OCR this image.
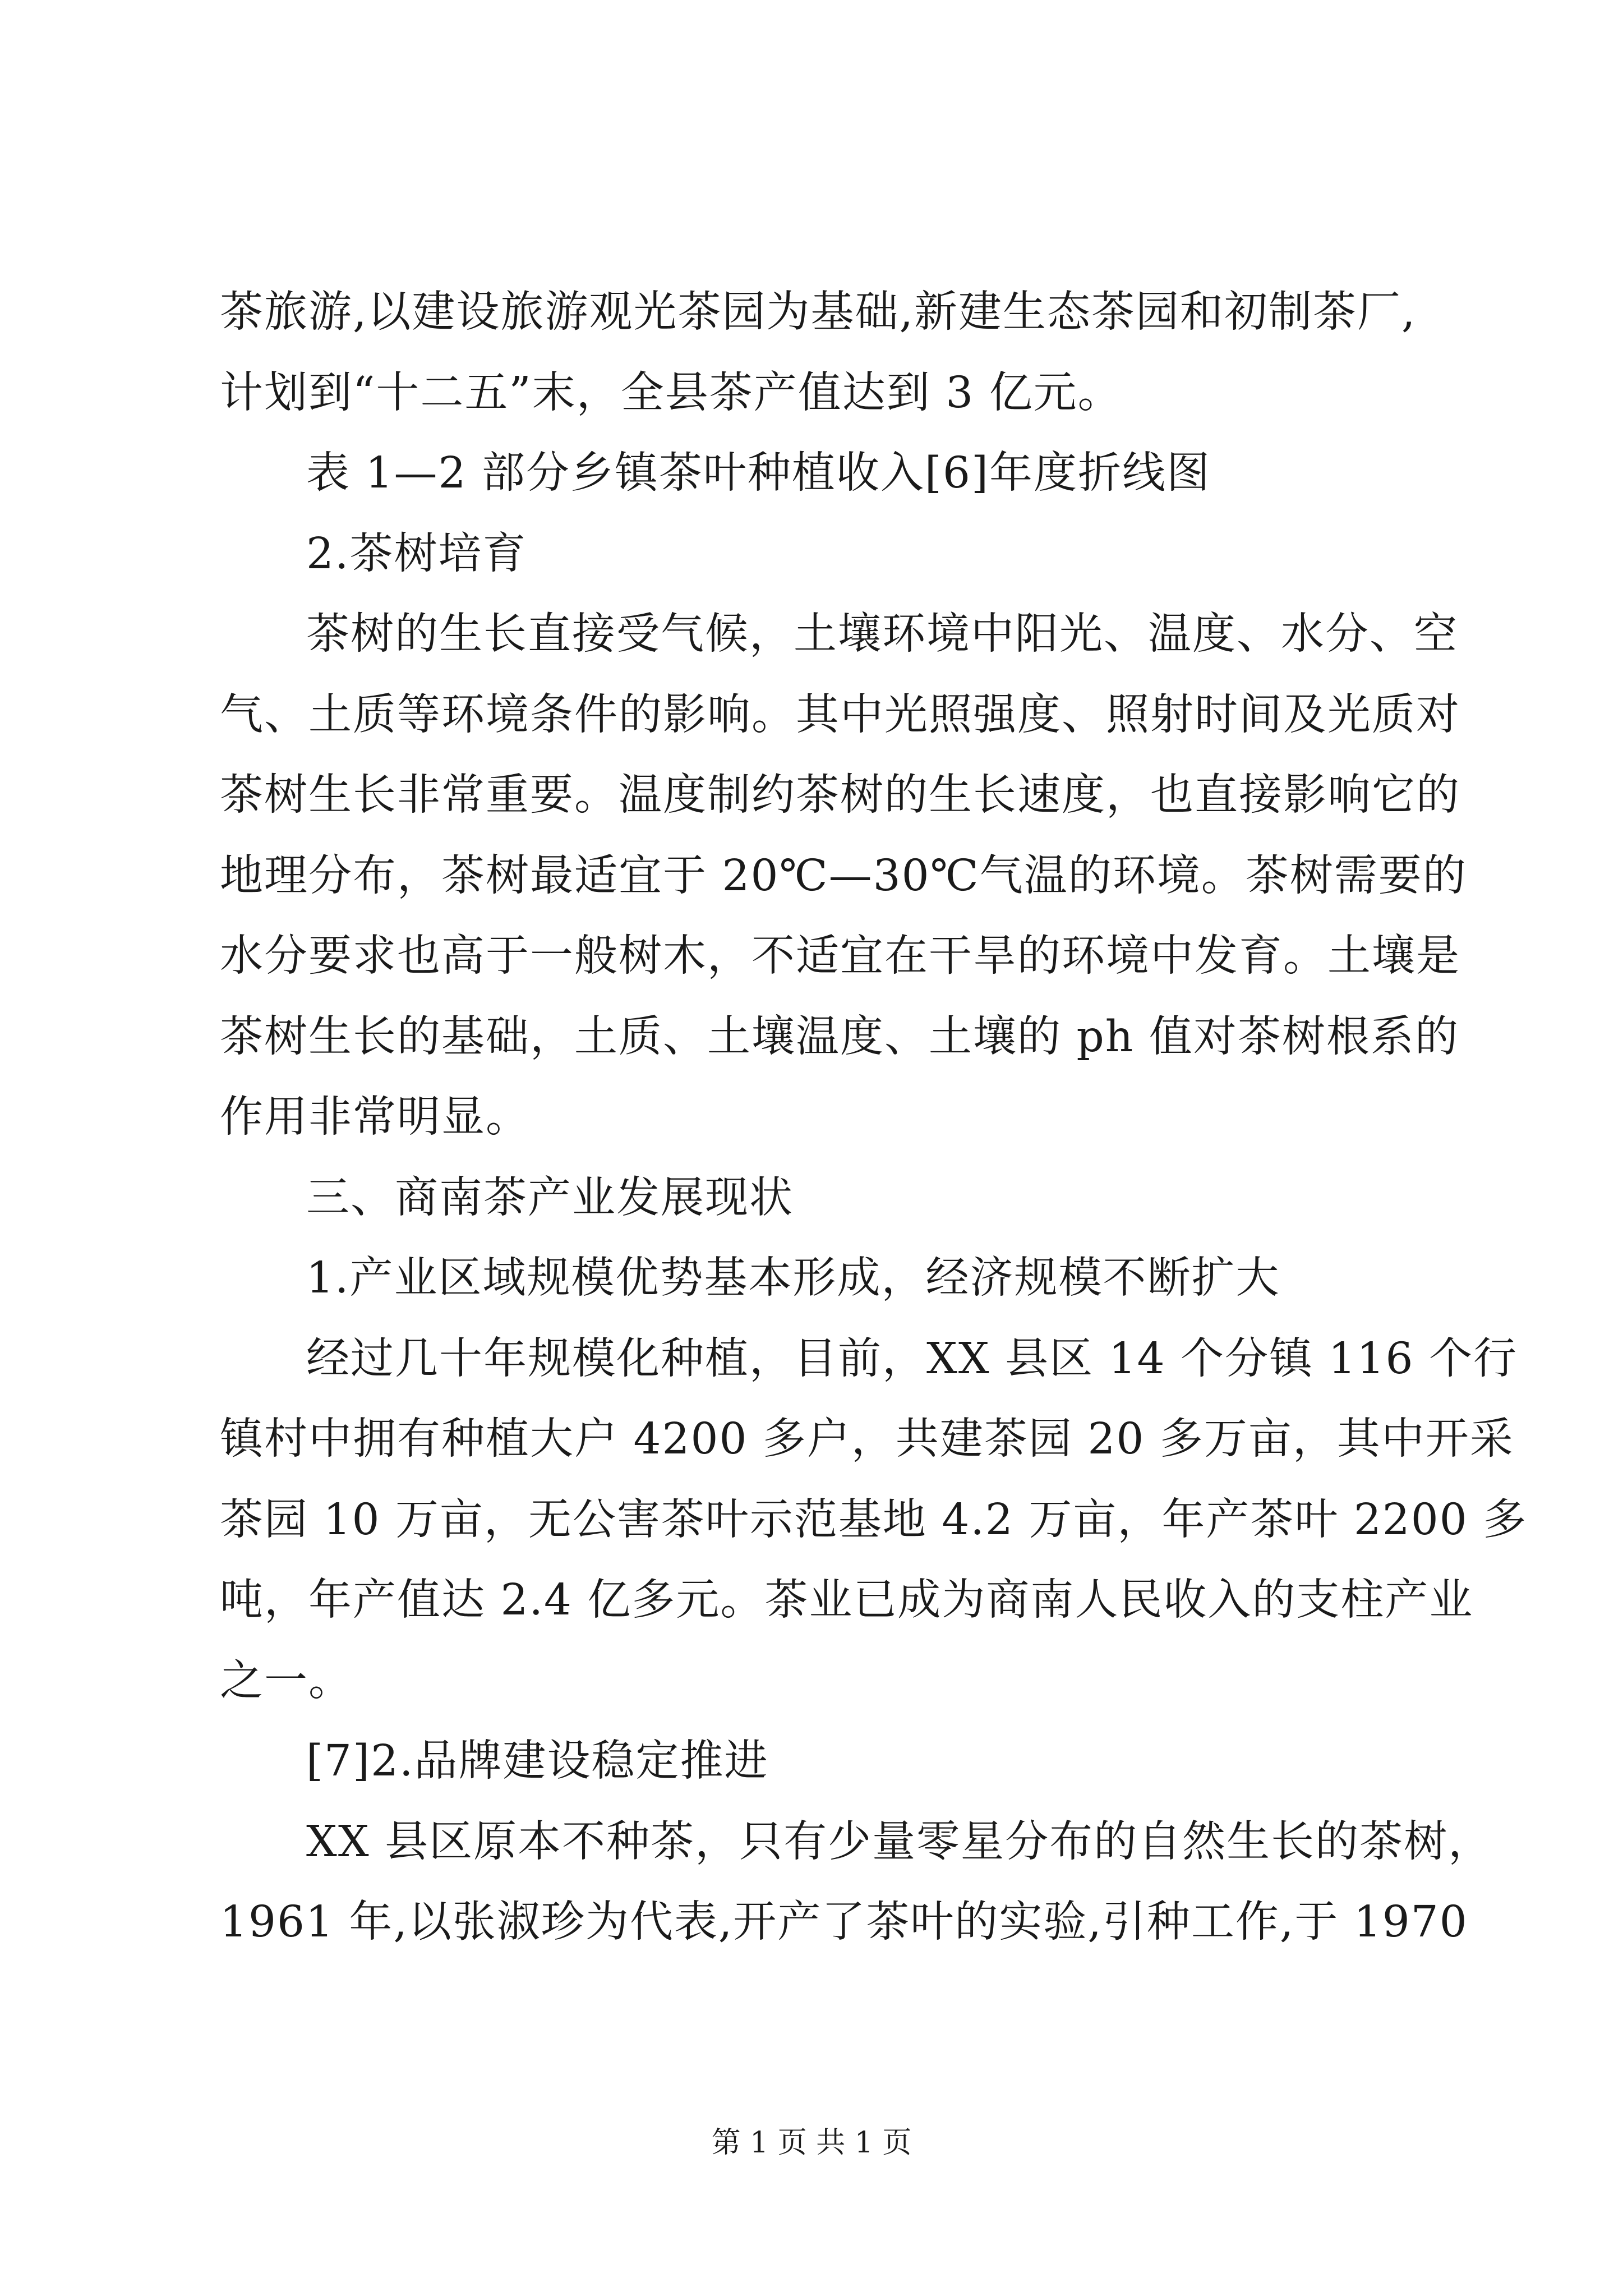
茶旅游,以建设旅游观光茶园为基础,新建生态茶园和初制茶厂,
计划到“十二五”末，全县茶产值达到 3 亿元。
表 1—2 部分乡镇茶叶种植收入[6]年度折线图
2.茶树培育
茶树的生长直接受气候，土壤环境中阳光、温度、水分、空
气、土质等环境条件的影响。其中光照强度、照射时间及光质对
茶树生长非常重要。温度制约茶树的生长速度，也直接影响它的
地理分布，茶树最适宜于 20℃—30℃气温的环境。茶树需要的
水分要求也高于一般树木，不适宜在干旱的环境中发育。土壤是
茶树生长的基础，土质、土壤温度、土壤的 ph 值对茶树根系的
作用非常明显。
三、商南茶产业发展现状
1.产业区域规模优势基本形成，经济规模不断扩大
经过几十年规模化种植，目前，XX 县区 14 个分镇 116 个行
镇村中拥有种植大户 4200 多户，共建茶园 20 多万亩，其中开采
茶园 10 万亩，无公害茶叶示范基地 4.2 万亩，年产茶叶 2200 多
吨，年产值达 2.4 亿多元。茶业已成为商南人民收入的支柱产业
之一。
[7]2.品牌建设稳定推进
XX 县区原本不种茶，只有少量零星分布的自然生长的茶树，
1961 年,以张淑珍为代表,开产了茶叶的实验,引种工作,于 1970
第 1 页 共 1 页
